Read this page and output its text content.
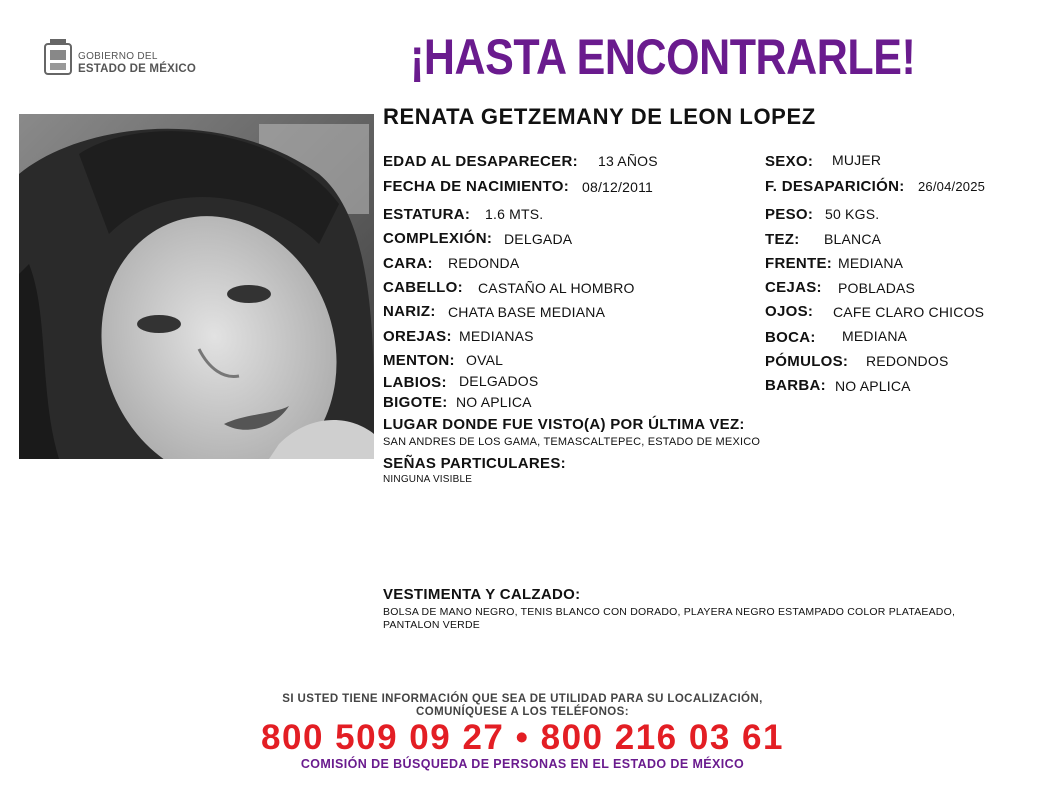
GOBIERNO DEL
ESTADO DE MÉXICO	¡HASTA ENCONTRARLE!
RENATA GETZEMANY DE LEON LOPEZ
EDAD AL DESAPARECER: 13 AÑOS
FECHA DE NACIMIENTO: 08/12/2011
ESTATURA: 1.6 MTS.
COMPLEXIÓN: DELGADA
CARA: REDONDA
CABELLO: CASTAÑO AL HOMBRO
NARIZ: CHATA BASE MEDIANA
OREJAS: MEDIANAS
MENTON: OVAL
LABIOS: DELGADOS
BIGOTE: NO APLICA
SEXO: MUJER
F. DESAPARICIÓN: 26/04/2025
PESO: 50 KGS.
TEZ: BLANCA
FRENTE: MEDIANA
CEJAS: POBLADAS
OJOS: CAFE CLARO CHICOS
BOCA: MEDIANA
PÓMULOS: REDONDOS
BARBA: NO APLICA
LUGAR DONDE FUE VISTO(A) POR ÚLTIMA VEZ:
SAN ANDRES DE LOS GAMA, TEMASCALTEPEC, ESTADO DE MEXICO
SEÑAS PARTICULARES:
NINGUNA VISIBLE
VESTIMENTA Y CALZADO:
BOLSA DE MANO NEGRO, TENIS BLANCO CON DORADO, PLAYERA NEGRO ESTAMPADO COLOR PLATAEADO,
PANTALON VERDE
SI USTED TIENE INFORMACIÓN QUE SEA DE UTILIDAD PARA SU LOCALIZACIÓN,
COMUNÍQUESE A LOS TELÉFONOS:
800 509 09 27 • 800 216 03 61
COMISIÓN DE BÚSQUEDA DE PERSONAS EN EL ESTADO DE MÉXICO
